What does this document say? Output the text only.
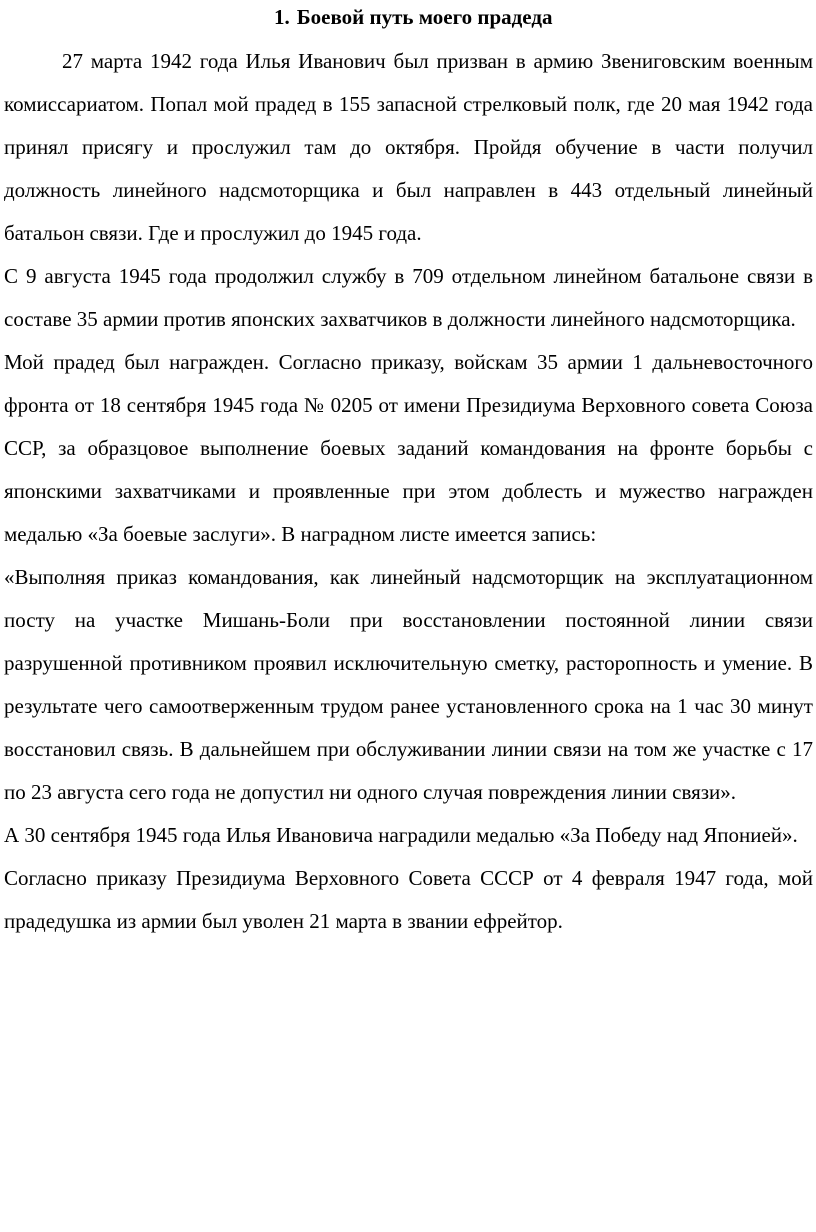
1. Боевой путь моего прадеда

27 марта 1942 года Илья Иванович был призван в армию Звениговским военным комиссариатом. Попал мой прадед в 155 запасной стрелковый полк, где 20 мая 1942 года принял присягу и прослужил там до октября. Пройдя обучение в части получил должность линейного надсмоторщика и был направлен в 443 отдельный линейный батальон связи. Где и прослужил до 1945 года.

С 9 августа 1945 года продолжил службу в 709 отдельном линейном батальоне связи в составе 35 армии против японских захватчиков в должности линейного надсмоторщика.

Мой прадед был награжден. Согласно приказу, войскам 35 армии 1 дальневосточного фронта от 18 сентября 1945 года № 0205 от имени Президиума Верховного совета Союза ССР, за образцовое выполнение боевых заданий командования на фронте борьбы с японскими захватчиками и проявленные при этом доблесть и мужество награжден медалью «За боевые заслуги». В наградном листе имеется запись:

«Выполняя приказ командования, как линейный надсмоторщик на эксплуатационном посту на участке Мишань-Боли при восстановлении постоянной линии связи разрушенной противником проявил исключительную сметку, расторопность и умение. В результате чего самоотверженным трудом ранее установленного срока на 1 час 30 минут восстановил связь. В дальнейшем при обслуживании линии связи на том же участке с 17 по 23 августа сего года не допустил ни одного случая повреждения линии связи».

А 30 сентября 1945 года Илья Ивановича наградили медалью «За Победу над Японией».

Согласно приказу Президиума Верховного Совета СССР от 4 февраля 1947 года, мой прадедушка из армии был уволен 21 марта в звании ефрейтор.
